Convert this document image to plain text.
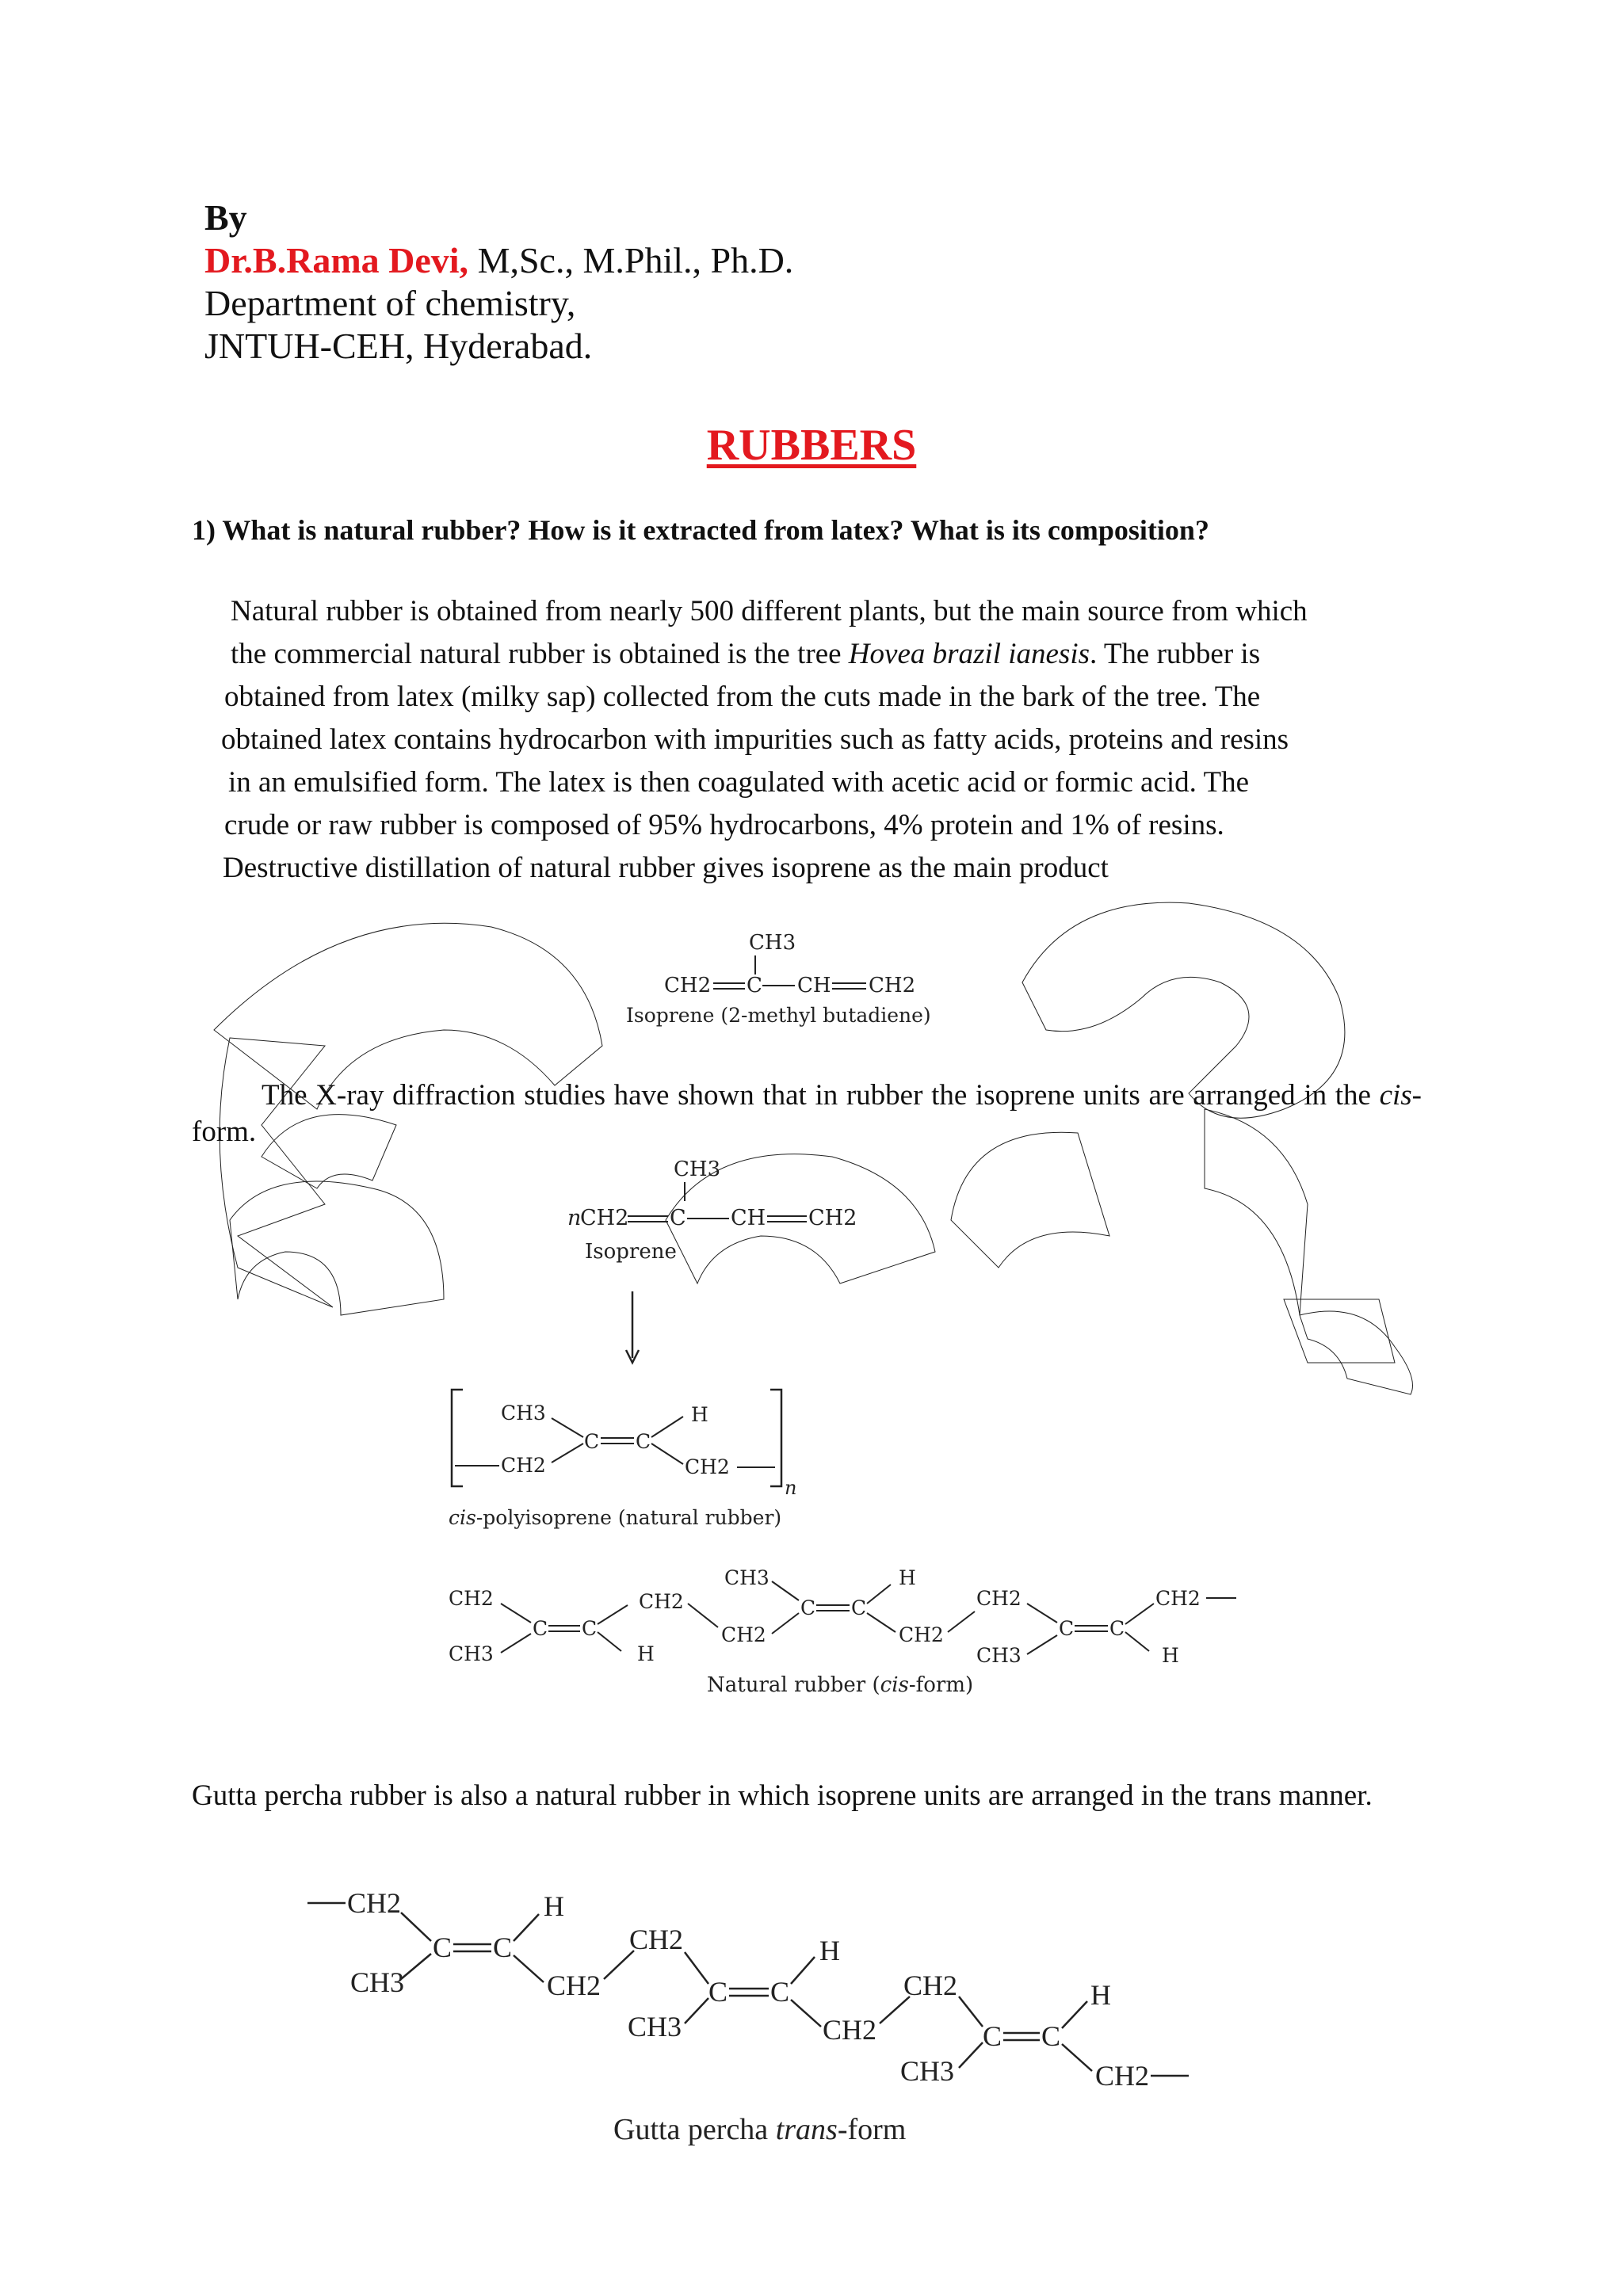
By
Dr.B.Rama Devi, M,Sc., M.Phil., Ph.D.
Department of chemistry,
JNTUH-CEH, Hyderabad.
RUBBERS
1) What is natural rubber? How is it extracted from latex? What is its composition?
Natural rubber is obtained from nearly 500 different plants, but the main source from which
the commercial natural rubber is obtained is the tree Hovea brazil ianesis. The rubber is
obtained from latex (milky sap) collected from the cuts made in the bark of the tree. The
obtained latex contains hydrocarbon with impurities such as fatty acids, proteins and resins
in an emulsified form. The latex is then coagulated with acetic acid or formic acid. The
crude or raw rubber is composed of 95% hydrocarbons, 4% protein and 1% of resins.
Destructive distillation of natural rubber gives isoprene as the main product
CH3
CH2 C CH CH2
Isoprene (2-methyl butadiene)
The X-ray diffraction studies have shown that in rubber the isoprene units are arranged in the cis-form.
CH3
n
CH2 C CH CH2
Isoprene
CH3
CH2
C C
H
CH2
n
cis-polyisoprene (natural rubber)
CH2
CH3
C C
CH2
H
CH2
CH3
C C
H
CH2
CH2
CH3
C C
CH2
H
Natural rubber (cis-form)
Gutta percha rubber is also a natural rubber in which isoprene units are arranged in the trans manner.
CH2
CH3
C C
H
CH2
CH2
CH3
C C
H
CH2
CH2
CH3
C C
H
CH2
Gutta percha trans-form
